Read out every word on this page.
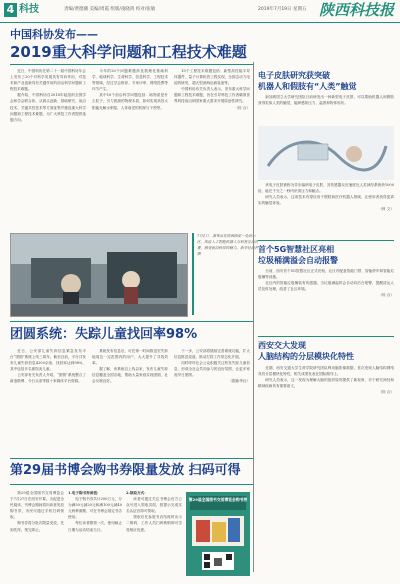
4 科技	责编/黄德潮 美编/周霞 组版/凌晓鸿 校对/张敏	2019年7月19日 星期五 陕西科技报
中国科协发布——
2019重大科学问题和工程技术难题

近日，中国科协在第二十一届中国科协年会上发布了20个对科学发展具有导向作用、对技术和产业创新具有关键作用的前沿科学问题和工程技术难题。

据介绍，中国科协自2018年起组织全国学会和学会联合体，从源头创新、基础研究、前沿技术、关键共性技术等方面征集并遴选重大科学问题和工程技术难题，为广大科技工作者提供选题方向。

今年的20个问题难题涉及数理化基础科学、地球科学、生命科学、信息科学、工程技术等领域，经过学会推荐、专家评审、网络投票等环节产生。

其中10个前沿科学问题包括：暗物质是什么粒子，引力波源的物理本质，如何实现高效太阳能光解水制氢，人体衰老的机制与干预等。

10个工程技术难题包括：新型高性能半导体器件，量子计算机的工程实现，全固态动力电池的研发，超大型深海运载装备等。

中国科协有关负责人表示，发布重大科学问题和工程技术难题，旨在引导科技工作者瞄准世界科技前沿和国家重大需求开展原创性研究。

（综 合）

7月1日，游客站在陕西西安一处展示区，体验人工智能机器人与科普互动装置，感受前沿科技的魅力。新华社记者 摄
电子皮肤研究获突破
机器人和假肢有“人类”触觉

新加坡国立大学研究团队日前研发出一种新型电子皮肤，可以帮助机器人和假肢获得类似人类的触觉，能够感知压力、温度和物体形状。

该电子皮肤被称为异步编码电子皮肤，其传感器反应速度比人类神经系统快1000倍，能在千分之一秒内识别压力和触点。

研究人员表示，这项技术有望应用于假肢和医疗机器人领域，让使用者获得更真实的触觉体验。

（科 文）

首个5G智慧社区亮相
垃圾桶满溢会自动报警

日前，西安首个5G智慧社区正式亮相，社区内配备智能门禁、智能停车和智能垃圾桶等设施。

社区内的智能垃圾桶装有传感器，当垃圾满溢时会自动向后台报警，提醒清运人员及时处理，改善了社区环境。

（综 合）

西安交大发现
人脑结构的分层模块化特性

近期，西安交通大学生命学院研究团队利用脑影像数据，首次发现人脑结构网络具有分层模块化特性，相关成果发表在国际期刊上。

研究人员表示，这一发现为理解大脑的组织原则提供了新视角，对于研究神经和精神疾病具有重要意义。

（综 合）

团圆系统：失踪儿童找回率98%

近日，公安部儿童失踪信息紧急发布平台“团圆”系统上线三周年。截至目前，平台共发布儿童失踪信息4200余条，找回率达到98%，其中包括多名被拐卖儿童。

公安部有关负责人介绍，“团圆”系统整合了新浪微博、今日头条等数十家媒体平台资源。

系统发布信息后，可在第一时间推送至失踪地周边一定范围内的用户，大大提升了寻找效率。

据了解，该系统自上线以来，发布儿童失踪信息覆盖全国各地，帮助大量家庭实现团圆，社会反响良好。

下一步，公安部将继续完善系统功能，扩大信息推送渠道，推动打拐工作常态化开展。

同时呼吁社会公众积极关注转发失踪儿童信息，形成全社会共同参与的良好氛围，让更多家庭早日团圆。

（据新华社）

第29届书博会购书券限量发放 扫码可得

第29届全国图书交易博览会于7月27日在西安开幕。为促进全民阅读，书博会期间将向读者发放购书券，市民可通过手机扫码领取。

购书券将分批次限量发放，先到先得，领完即止。

1.电子购书券面值：

电子购书券共计200万元，分为满50元减20元和满100元减40元两种面额，可在书博会指定书店使用。

每位读者限领一次，使用截止日期为活动结束当日。

2.领取方式：

读者可通过关注书博会官方公众号进入领取页面，按提示完成实名认证后即可领取。

领取后在参展书店结账时出示二维码，工作人员扫码核销即可享受相应优惠。

第29届全国图书交易博览会购书券
